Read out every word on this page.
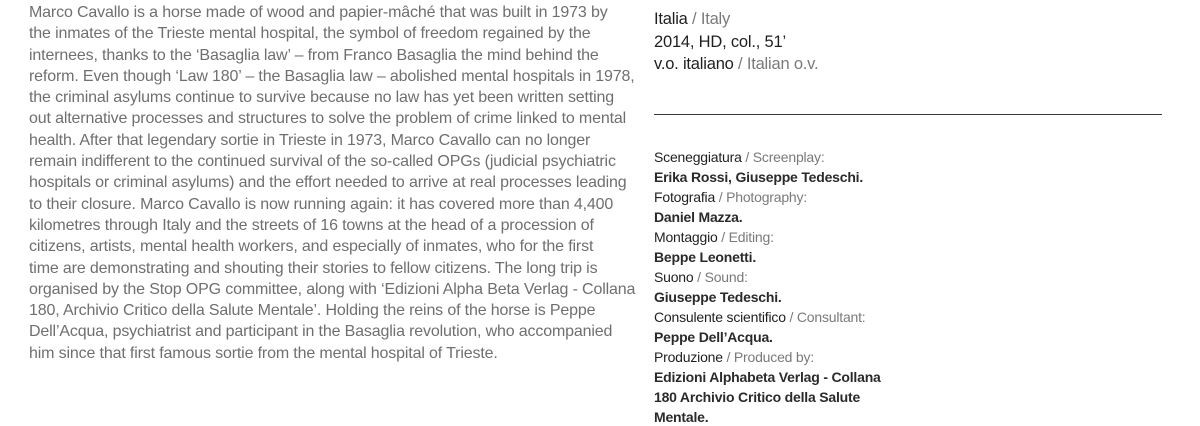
Marco Cavallo is a horse made of wood and papier-mâché that was built in 1973 by
the inmates of the Trieste mental hospital, the symbol of freedom regained by the
internees, thanks to the ‘Basaglia law’ – from Franco Basaglia the mind behind the
reform. Even though ‘Law 180’ – the Basaglia law – abolished mental hospitals in 1978,
the criminal asylums continue to survive because no law has yet been written setting
out alternative processes and structures to solve the problem of crime linked to mental
health. After that legendary sortie in Trieste in 1973, Marco Cavallo can no longer
remain indifferent to the continued survival of the so-called OPGs (judicial psychiatric
hospitals or criminal asylums) and the effort needed to arrive at real processes leading
to their closure. Marco Cavallo is now running again: it has covered more than 4,400
kilometres through Italy and the streets of 16 towns at the head of a procession of
citizens, artists, mental health workers, and especially of inmates, who for the first
time are demonstrating and shouting their stories to fellow citizens. The long trip is
organised by the Stop OPG committee, along with ‘Edizioni Alpha Beta Verlag - Collana
180, Archivio Critico della Salute Mentale’. Holding the reins of the horse is Peppe
Dell’Acqua, psychiatrist and participant in the Basaglia revolution, who accompanied
him since that first famous sortie from the mental hospital of Trieste.
Italia / Italy
2014, HD, col., 51’
v.o. italiano / Italian o.v.
Sceneggiatura / Screenplay:
Erika Rossi, Giuseppe Tedeschi.
Fotografia / Photography:
Daniel Mazza.
Montaggio / Editing:
Beppe Leonetti.
Suono / Sound:
Giuseppe Tedeschi.
Consulente scientifico / Consultant:
Peppe Dell’Acqua.
Produzione / Produced by:
Edizioni Alphabeta Verlag - Collana
180 Archivio Critico della Salute
Mentale.
